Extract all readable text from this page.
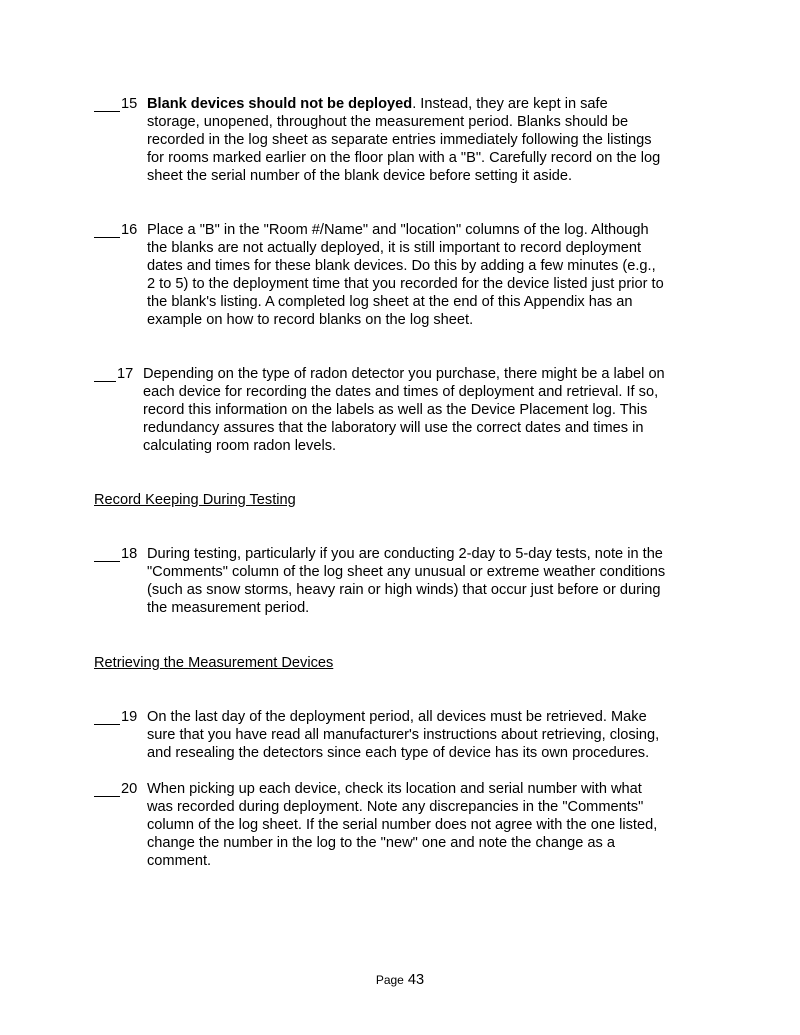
15 Blank devices should not be deployed. Instead, they are kept in safe
storage, unopened, throughout the measurement period. Blanks should be
recorded in the log sheet as separate entries immediately following the listings
for rooms marked earlier on the floor plan with a "B". Carefully record on the log
sheet the serial number of the blank device before setting it aside.
16 Place a "B" in the "Room #/Name" and "location" columns of the log. Although
the blanks are not actually deployed, it is still important to record deployment
dates and times for these blank devices. Do this by adding a few minutes (e.g.,
2 to 5) to the deployment time that you recorded for the device listed just prior to
the blank's listing. A completed log sheet at the end of this Appendix has an
example on how to record blanks on the log sheet.
17 Depending on the type of radon detector you purchase, there might be a label on
each device for recording the dates and times of deployment and retrieval. If so,
record this information on the labels as well as the Device Placement log. This
redundancy assures that the laboratory will use the correct dates and times in
calculating room radon levels.
Record Keeping During Testing
18 During testing, particularly if you are conducting 2-day to 5-day tests, note in the
"Comments" column of the log sheet any unusual or extreme weather conditions
(such as snow storms, heavy rain or high winds) that occur just before or during
the measurement period.
Retrieving the Measurement Devices
19 On the last day of the deployment period, all devices must be retrieved. Make
sure that you have read all manufacturer's instructions about retrieving, closing,
and resealing the detectors since each type of device has its own procedures.
20 When picking up each device, check its location and serial number with what
was recorded during deployment. Note any discrepancies in the "Comments"
column of the log sheet. If the serial number does not agree with the one listed,
change the number in the log to the "new" one and note the change as a
comment.
Page 43
